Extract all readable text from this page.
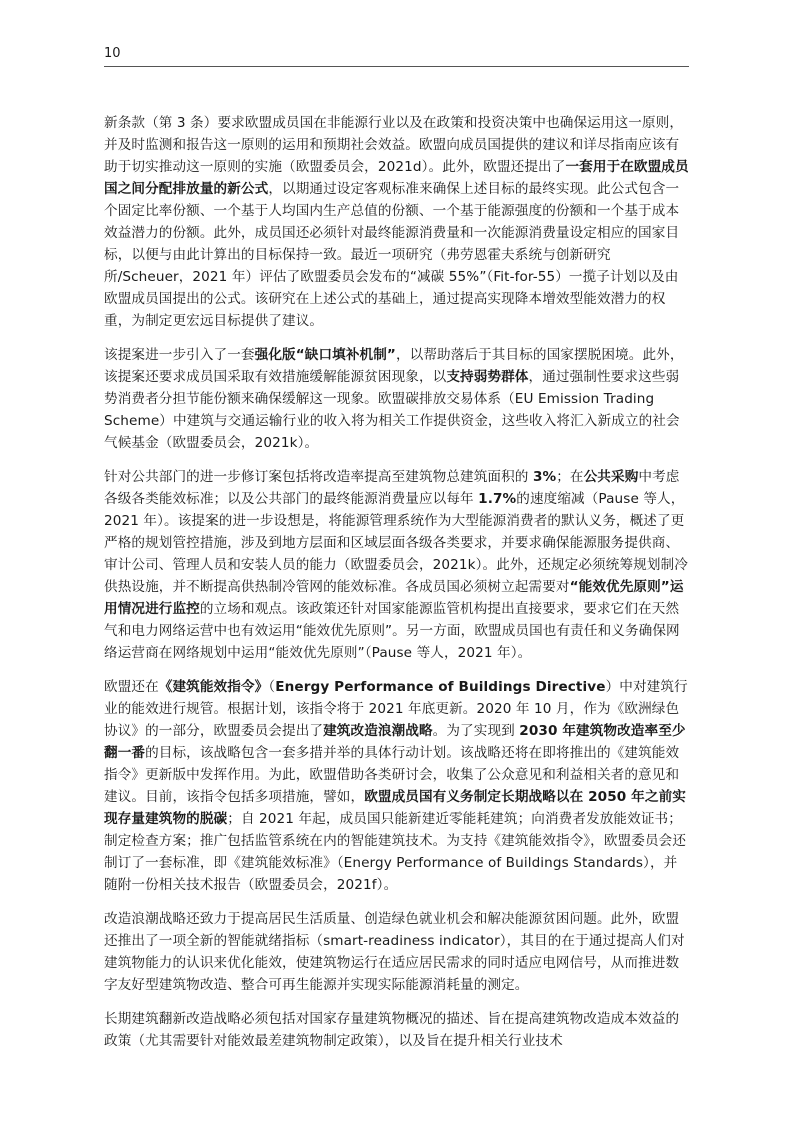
10

新条款（第 3 条）要求欧盟成员国在非能源行业以及在政策和投资决策中也确保运用这一原则，并及时监测和报告这一原则的运用和预期社会效益。欧盟向成员国提供的建议和详尽指南应该有助于切实推动这一原则的实施（欧盟委员会，2021d）。此外，欧盟还提出了一套用于在欧盟成员国之间分配排放量的新公式，以期通过设定客观标准来确保上述目标的最终实现。此公式包含一个固定比率份额、一个基于人均国内生产总值的份额、一个基于能源强度的份额和一个基于成本效益潜力的份额。此外，成员国还必须针对最终能源消费量和一次能源消费量设定相应的国家目标，以便与由此计算出的目标保持一致。最近一项研究（弗劳恩霍夫系统与创新研究所/Scheuer，2021 年）评估了欧盟委员会发布的“减碳 55%”（Fit-for-55）一揽子计划以及由欧盟成员国提出的公式。该研究在上述公式的基础上，通过提高实现降本增效型能效潜力的权重，为制定更宏远目标提供了建议。

该提案进一步引入了一套强化版“缺口填补机制”，以帮助落后于其目标的国家摆脱困境。此外，该提案还要求成员国采取有效措施缓解能源贫困现象，以支持弱势群体，通过强制性要求这些弱势消费者分担节能份额来确保缓解这一现象。欧盟碳排放交易体系（EU Emission Trading Scheme）中建筑与交通运输行业的收入将为相关工作提供资金，这些收入将汇入新成立的社会气候基金（欧盟委员会，2021k）。

针对公共部门的进一步修订案包括将改造率提高至建筑物总建筑面积的 3%；在公共采购中考虑各级各类能效标准；以及公共部门的最终能源消费量应以每年 1.7%的速度缩减（Pause 等人，2021 年）。该提案的进一步设想是，将能源管理系统作为大型能源消费者的默认义务，概述了更严格的规划管控措施，涉及到地方层面和区域层面各级各类要求，并要求确保能源服务提供商、审计公司、管理人员和安装人员的能力（欧盟委员会，2021k）。此外，还规定必须统筹规划制冷供热设施，并不断提高供热制冷管网的能效标准。各成员国必须树立起需要对“能效优先原则”运用情况进行监控的立场和观点。该政策还针对国家能源监管机构提出直接要求，要求它们在天然气和电力网络运营中也有效运用“能效优先原则”。另一方面，欧盟成员国也有责任和义务确保网络运营商在网络规划中运用“能效优先原则”（Pause 等人，2021 年）。

欧盟还在《建筑能效指令》（Energy Performance of Buildings Directive）中对建筑行业的能效进行规管。根据计划，该指令将于 2021 年底更新。2020 年 10 月，作为《欧洲绿色协议》的一部分，欧盟委员会提出了建筑改造浪潮战略。为了实现到 2030 年建筑物改造率至少翻一番的目标，该战略包含一套多措并举的具体行动计划。该战略还将在即将推出的《建筑能效指令》更新版中发挥作用。为此，欧盟借助各类研讨会，收集了公众意见和利益相关者的意见和建议。目前，该指令包括多项措施，譬如，欧盟成员国有义务制定长期战略以在 2050 年之前实现存量建筑物的脱碳；自 2021 年起，成员国只能新建近零能耗建筑；向消费者发放能效证书；制定检查方案；推广包括监管系统在内的智能建筑技术。为支持《建筑能效指令》，欧盟委员会还制订了一套标准，即《建筑能效标准》（Energy Performance of Buildings Standards），并随附一份相关技术报告（欧盟委员会，2021f）。

改造浪潮战略还致力于提高居民生活质量、创造绿色就业机会和解决能源贫困问题。此外，欧盟还推出了一项全新的智能就绪指标（smart-readiness indicator），其目的在于通过提高人们对建筑物能力的认识来优化能效，使建筑物运行在适应居民需求的同时适应电网信号，从而推进数字友好型建筑物改造、整合可再生能源并实现实际能源消耗量的测定。

长期建筑翻新改造战略必须包括对国家存量建筑物概况的描述、旨在提高建筑物改造成本效益的政策（尤其需要针对能效最差建筑物制定政策），以及旨在提升相关行业技术
